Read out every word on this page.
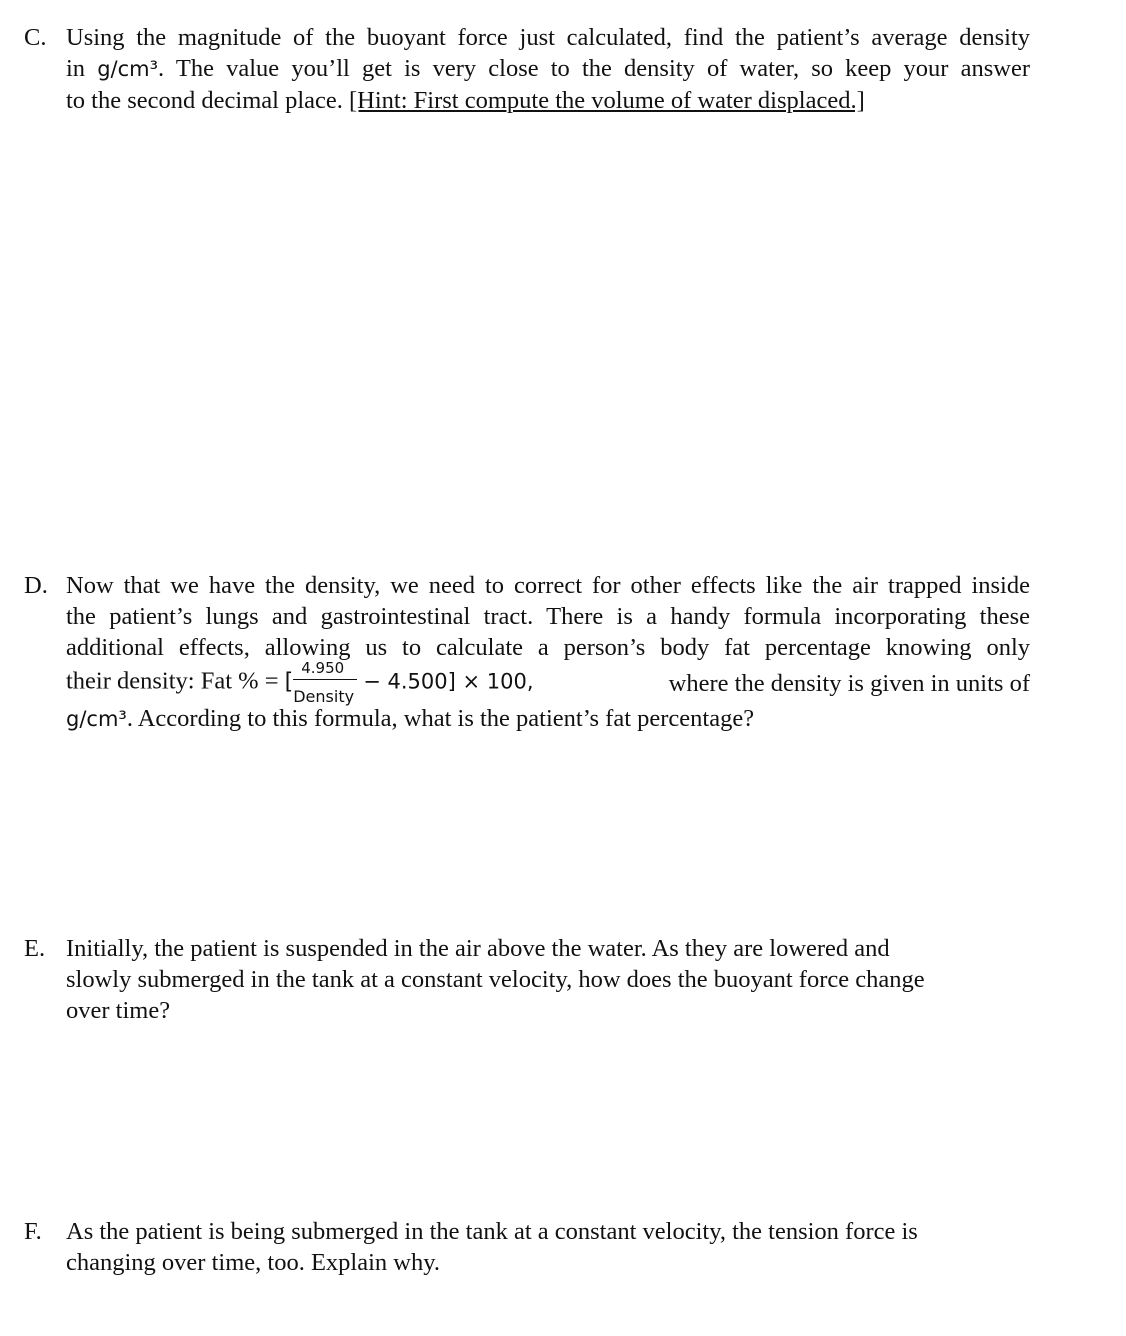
C. Using the magnitude of the buoyant force just calculated, find the patient’s average density
in g/cm³. The value you’ll get is very close to the density of water, so keep your answer
to the second decimal place. [Hint: First compute the volume of water displaced.]
D. Now that we have the density, we need to correct for other effects like the air trapped inside
the patient’s lungs and gastrointestinal tract. There is a handy formula incorporating these
additional effects, allowing us to calculate a person’s body fat percentage knowing only
their density: Fat % = [ $\frac{4.950}{\text{Density}} - 4.500] \times 100$,	where the density is given in units of
g/cm³. According to this formula, what is the patient’s fat percentage?
E. Initially, the patient is suspended in the air above the water. As they are lowered and
slowly submerged in the tank at a constant velocity, how does the buoyant force change
over time?
F. As the patient is being submerged in the tank at a constant velocity, the tension force is
changing over time, too. Explain why.
